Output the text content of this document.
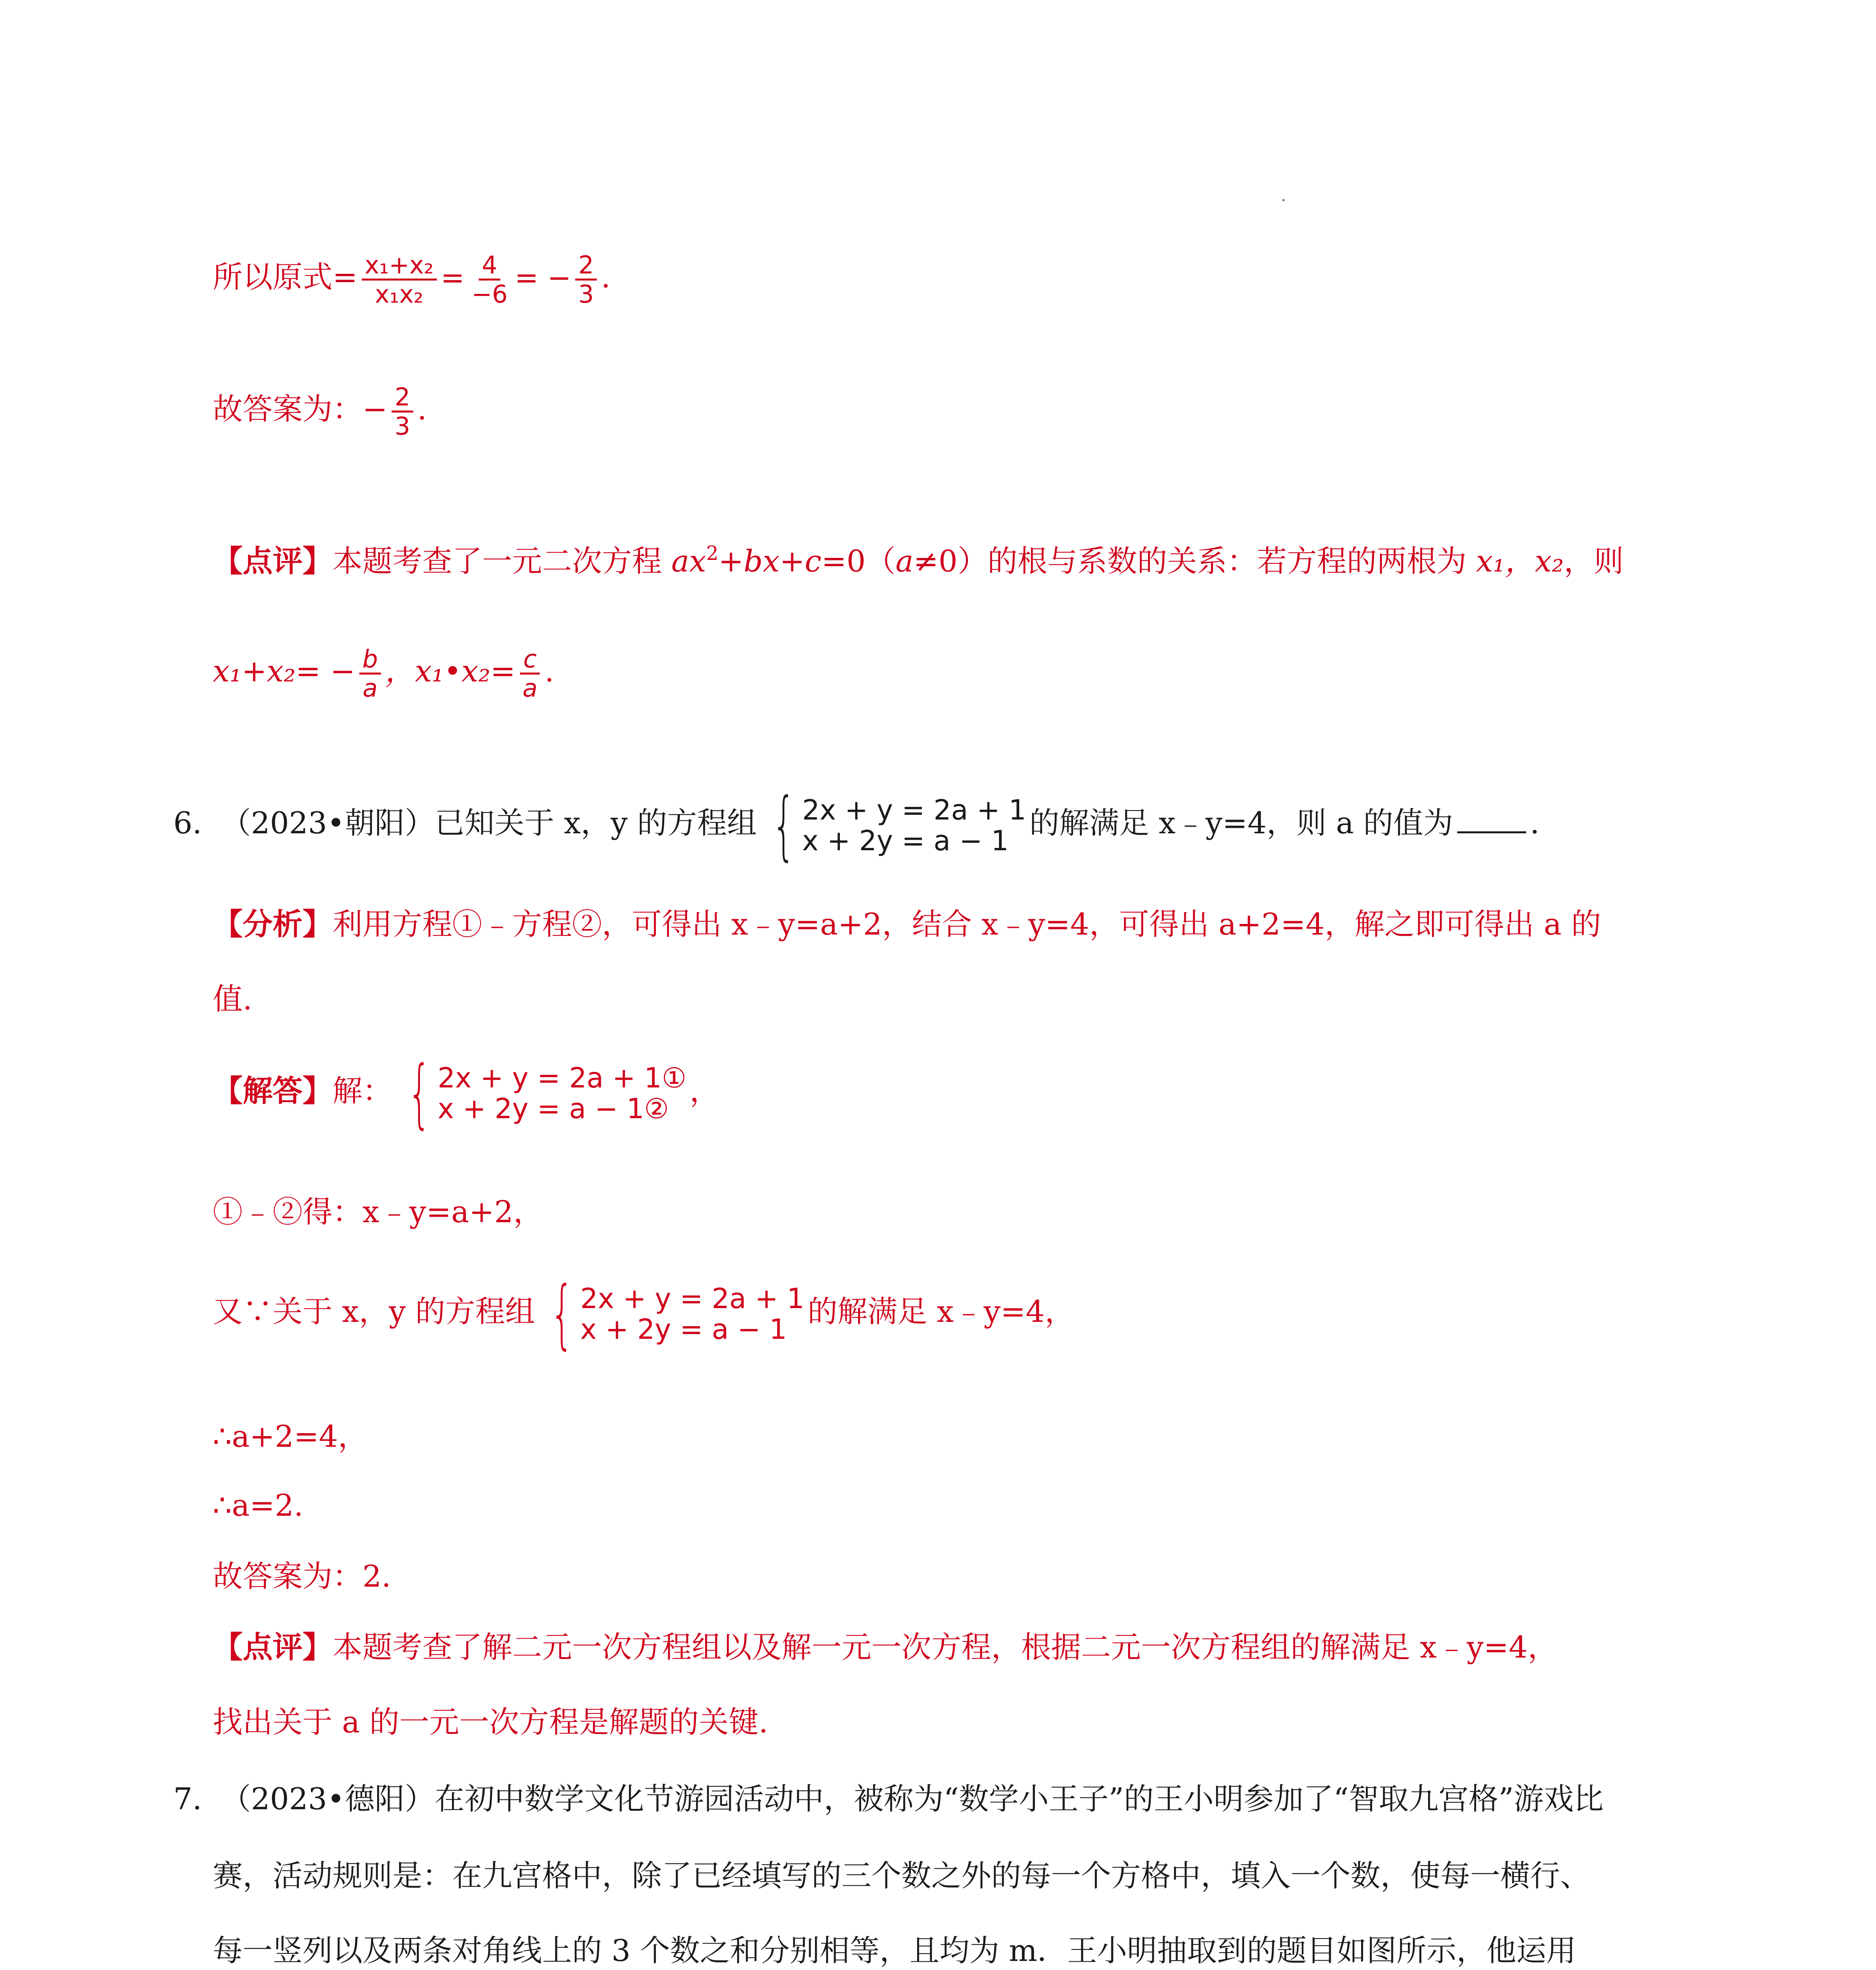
所以原式= $\frac{\text{x₁+x₂}}{\text{x₁x₂}} = \frac{4}{-6}$ = − $\frac{2}{3}$ .
故答案为：− $\frac{2}{3}$ .
【点评】本题考查了一元二次方程 $ax^2+bx+c=0(a\ne 0)$的根与系数的关系：若方程的两根为 x₁，x₂，则
$x_1+x_2= - \frac{b}{a}$ ，x₁•x₂= $\frac{c}{a}$ .
6. （2023•朝阳）已知关于 x，y 的方程组 { 2x + y = 2a + 1
x + 2y = a − 1
的解满足 x﹣y=4，则 a 的值为	.
【分析】利用方程①﹣方程②，可得出 x﹣y=a+2，结合 x﹣y=4，可得出 a+2=4，解之即可得出 a 的
值.
【解答】解： { 2x + y = 2a + 1①
x + 2y = a − 1②
，
①﹣②得：x﹣y=a+2，
又∵关于 x，y 的方程组 { 2x + y = 2a + 1
x + 2y = a − 1
的解满足 x﹣y=4，
∴a+2=4，
∴a=2.
故答案为：2.
【点评】本题考查了解二元一次方程组以及解一元一次方程，根据二元一次方程组的解满足 x﹣y=4，
找出关于 a 的一元一次方程是解题的关键.
7. （2023•德阳）在初中数学文化节游园活动中，被称为“数学小王子”的王小明参加了“智取九宫格”游戏比
赛，活动规则是：在九宫格中，除了已经填写的三个数之外的每一个方格中，填入一个数，使每一横行、
每一竖列以及两条对角线上的 3 个数之和分别相等，且均为 m．王小明抽取到的题目如图所示，他运用
